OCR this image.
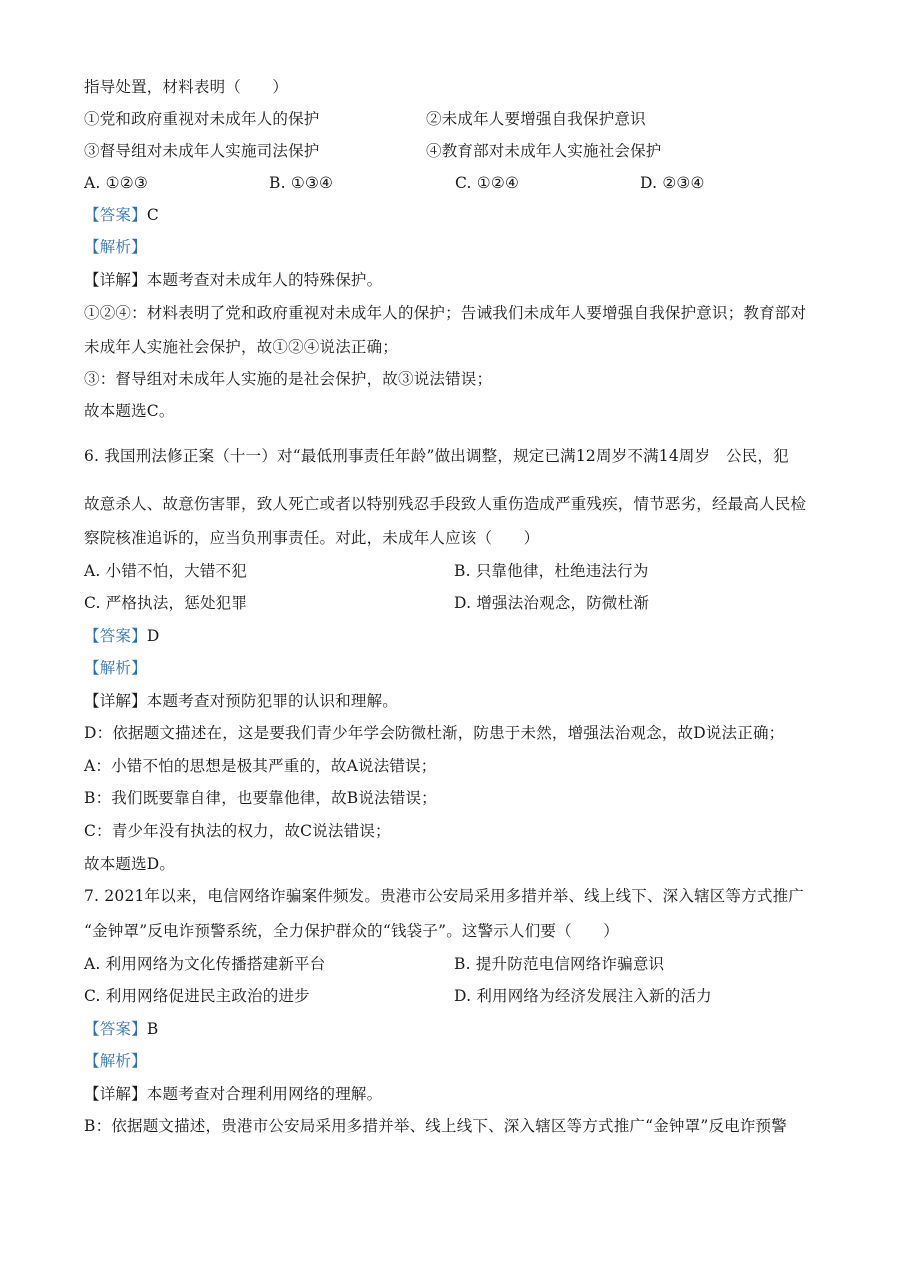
指导处置，材料表明（　　）
①党和政府重视对未成年人的保护	②未成年人要增强自我保护意识
③督导组对未成年人实施司法保护	④教育部对未成年人实施社会保护
A. ①②③	B. ①③④	C. ①②④	D. ②③④
【答案】C
【解析】
【详解】本题考查对未成年人的特殊保护。
①②④：材料表明了党和政府重视对未成年人的保护；告诫我们未成年人要增强自我保护意识；教育部对
未成年人实施社会保护，故①②④说法正确；
③：督导组对未成年人实施的是社会保护，故③说法错误；
故本题选C。
6. 我国刑法修正案（十一）对“最低刑事责任年龄”做出调整，规定已满12周岁不满14周岁　公民，犯
故意杀人、故意伤害罪，致人死亡或者以特别残忍手段致人重伤造成严重残疾，情节恶劣，经最高人民检
察院核准追诉的，应当负刑事责任。对此，未成年人应该（　　）
A. 小错不怕，大错不犯	B. 只靠他律，杜绝违法行为
C. 严格执法，惩处犯罪	D. 增强法治观念，防微杜渐
【答案】D
【解析】
【详解】本题考查对预防犯罪的认识和理解。
D：依据题文描述在，这是要我们青少年学会防微杜渐，防患于未然，增强法治观念，故D说法正确；
A：小错不怕的思想是极其严重的，故A说法错误；
B：我们既要靠自律，也要靠他律，故B说法错误；
C：青少年没有执法的权力，故C说法错误；
故本题选D。
7. 2021年以来，电信网络诈骗案件频发。贵港市公安局采用多措并举、线上线下、深入辖区等方式推广
“金钟罩”反电诈预警系统，全力保护群众的“钱袋子”。这警示人们要（　　）
A. 利用网络为文化传播搭建新平台	B. 提升防范电信网络诈骗意识
C. 利用网络促进民主政治的进步	D. 利用网络为经济发展注入新的活力
【答案】B
【解析】
【详解】本题考查对合理利用网络的理解。
B：依据题文描述，贵港市公安局采用多措并举、线上线下、深入辖区等方式推广“金钟罩”反电诈预警
